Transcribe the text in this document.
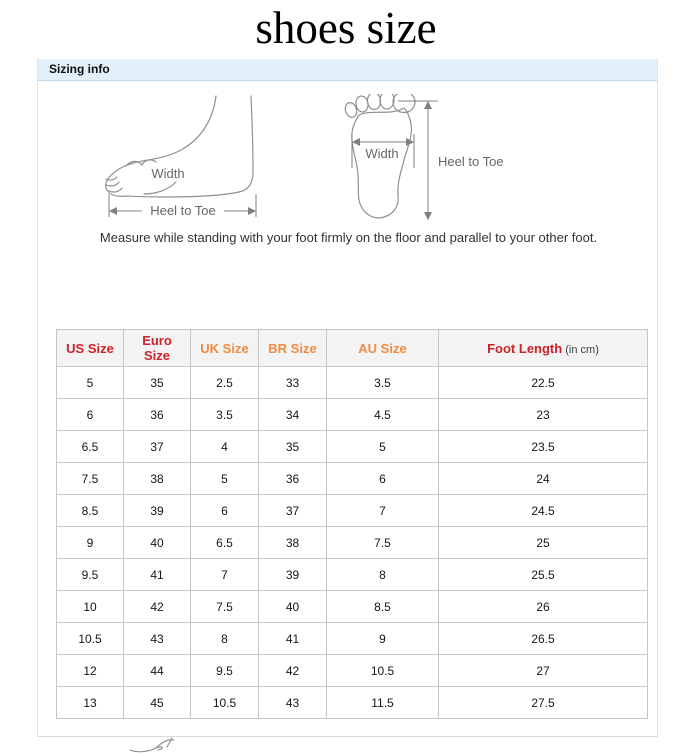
shoes size
Sizing info
Width
Heel to Toe
Width
Heel to Toe
Measure while standing with your foot firmly on the floor and parallel to your other foot.
US Size	Euro Size	UK Size	BR Size	AU Size	Foot Length (in cm)
5	35	2.5	33	3.5	22.5
6	36	3.5	34	4.5	23
6.5	37	4	35	5	23.5
7.5	38	5	36	6	24
8.5	39	6	37	7	24.5
9	40	6.5	38	7.5	25
9.5	41	7	39	8	25.5
10	42	7.5	40	8.5	26
10.5	43	8	41	9	26.5
12	44	9.5	42	10.5	27
13	45	10.5	43	11.5	27.5
